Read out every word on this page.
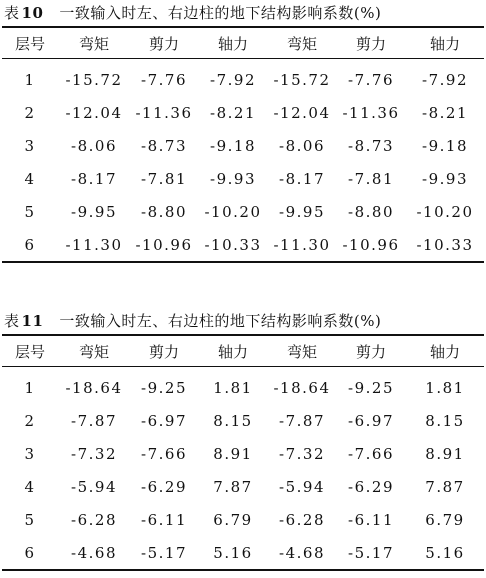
表 10 一致输入时左、右边柱的地下结构影响系数(%)
层号	弯矩	剪力	轴力	弯矩	剪力	轴力
1	-15.72	-7.76	-7.92	-15.72	-7.76	-7.92
2	-12.04	-11.36	-8.21	-12.04	-11.36	-8.21
3	-8.06	-8.73	-9.18	-8.06	-8.73	-9.18
4	-8.17	-7.81	-9.93	-8.17	-7.81	-9.93
5	-9.95	-8.80	-10.20	-9.95	-8.80	-10.20
6	-11.30	-10.96	-10.33	-11.30	-10.96	-10.33
表 11 一致输入时左、右边柱的地下结构影响系数(%)
层号	弯矩	剪力	轴力	弯矩	剪力	轴力
1	-18.64	-9.25	1.81	-18.64	-9.25	1.81
2	-7.87	-6.97	8.15	-7.87	-6.97	8.15
3	-7.32	-7.66	8.91	-7.32	-7.66	8.91
4	-5.94	-6.29	7.87	-5.94	-6.29	7.87
5	-6.28	-6.11	6.79	-6.28	-6.11	6.79
6	-4.68	-5.17	5.16	-4.68	-5.17	5.16
